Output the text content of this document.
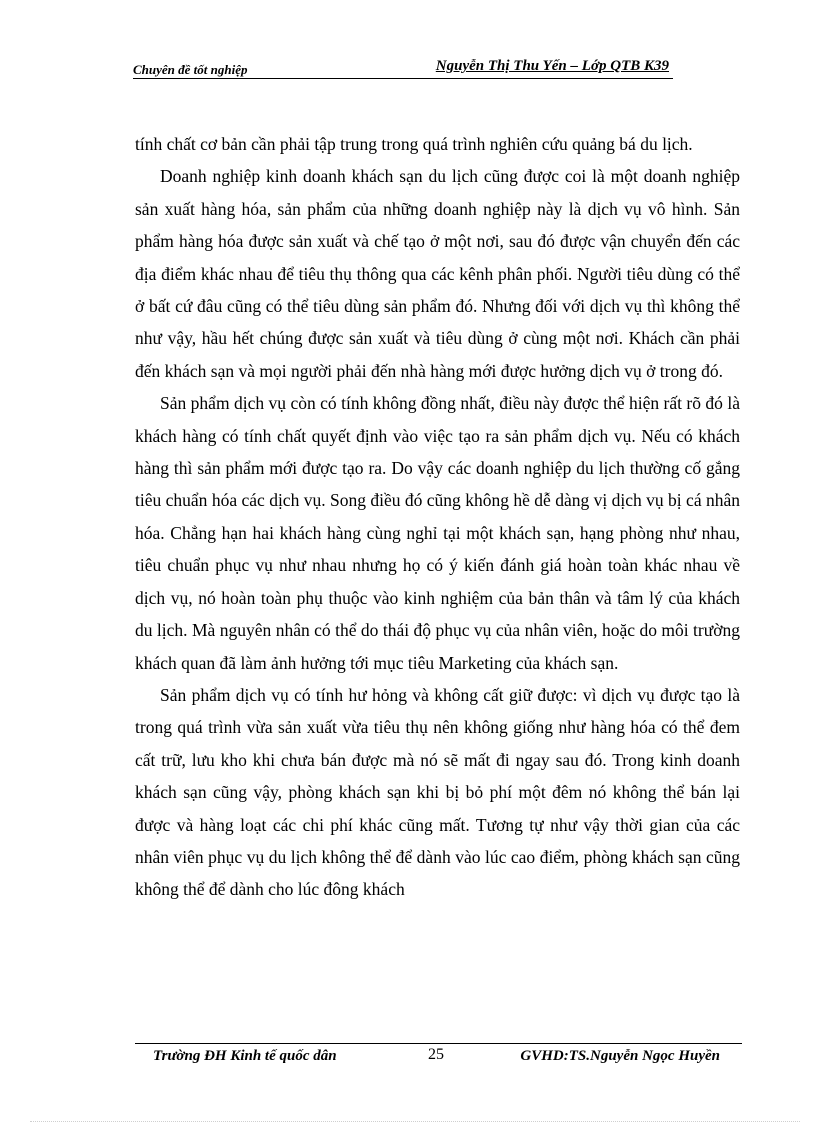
Chuyên đề tốt nghiệp	Nguyễn Thị Thu Yến – Lớp QTB K39

tính chất cơ bản cần phải tập trung trong quá trình nghiên cứu quảng bá du lịch.

Doanh nghiệp kinh doanh khách sạn du lịch cũng được coi là một doanh nghiệp sản xuất hàng hóa, sản phẩm của những doanh nghiệp này là dịch vụ vô hình. Sản phẩm hàng hóa được sản xuất và chế tạo ở một nơi, sau đó được vận chuyển đến các địa điểm khác nhau để tiêu thụ thông qua các kênh phân phối. Người tiêu dùng có thể ở bất cứ đâu cũng có thể tiêu dùng sản phẩm đó. Nhưng đối với dịch vụ thì không thể như vậy, hầu hết chúng được sản xuất và tiêu dùng ở cùng một nơi. Khách cần phải đến khách sạn và mọi người phải đến nhà hàng mới được hưởng dịch vụ ở trong đó.

Sản phẩm dịch vụ còn có tính không đồng nhất, điều này được thể hiện rất rõ đó là khách hàng có tính chất quyết định vào việc tạo ra sản phẩm dịch vụ. Nếu có khách hàng thì sản phẩm mới được tạo ra. Do vậy các doanh nghiệp du lịch thường cố gắng tiêu chuẩn hóa các dịch vụ. Song điều đó cũng không hề dễ dàng vị dịch vụ bị cá nhân hóa. Chẳng hạn hai khách hàng cùng nghỉ tại một khách sạn, hạng phòng như nhau, tiêu chuẩn phục vụ như nhau nhưng họ có ý kiến đánh giá hoàn toàn khác nhau về dịch vụ, nó hoàn toàn phụ thuộc vào kinh nghiệm của bản thân và tâm lý của khách du lịch. Mà nguyên nhân có thể do thái độ phục vụ của nhân viên, hoặc do môi trường khách quan đã làm ảnh hưởng tới mục tiêu Marketing của khách sạn.

Sản phẩm dịch vụ có tính hư hỏng và không cất giữ được: vì dịch vụ được tạo là trong quá trình vừa sản xuất vừa tiêu thụ nên không giống như hàng hóa có thể đem cất trữ, lưu kho khi chưa bán được mà nó sẽ mất đi ngay sau đó. Trong kinh doanh khách sạn cũng vậy, phòng khách sạn khi bị bỏ phí một đêm nó không thể bán lại được và hàng loạt các chi phí khác cũng mất. Tương tự như vậy thời gian của các nhân viên phục vụ du lịch không thể để dành vào lúc cao điểm, phòng khách sạn cũng không thể để dành cho lúc đông khách

Trường ĐH Kinh tế quốc dân	25	GVHD:TS.Nguyễn Ngọc Huyền
